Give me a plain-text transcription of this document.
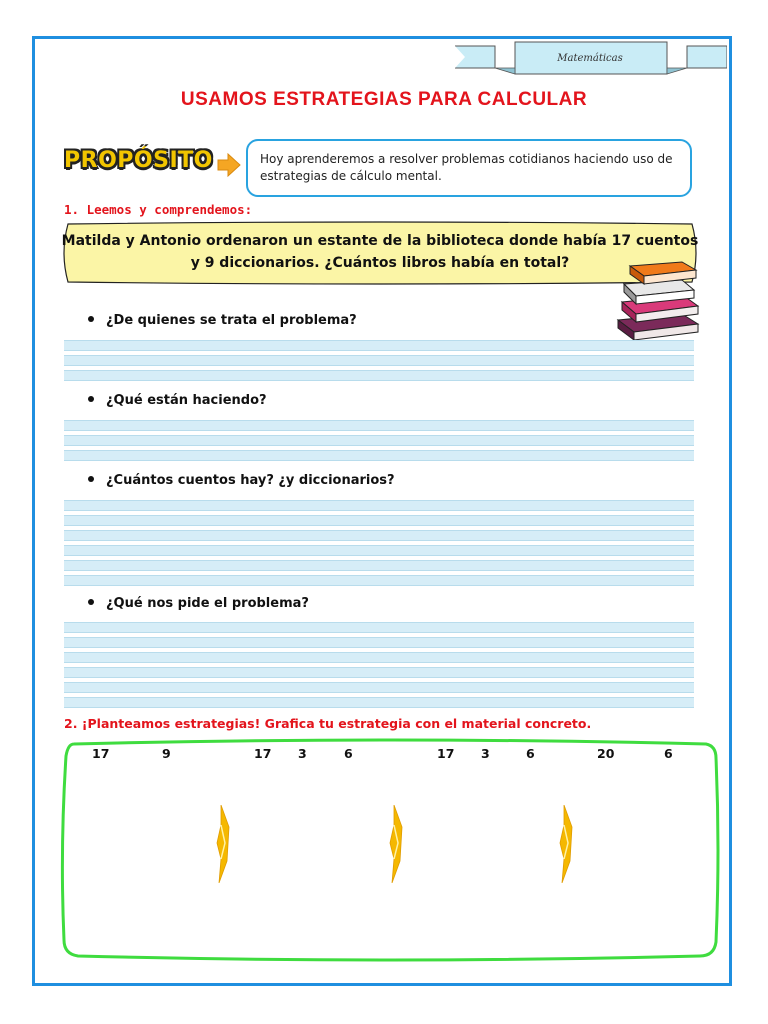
Matemáticas
USAMOS ESTRATEGIAS PARA CALCULAR
PROPÓSITO	Hoy aprenderemos a resolver problemas cotidianos haciendo uso de estrategias de cálculo mental.
1. Leemos y comprendemos:
Matilda y Antonio ordenaron un estante de la biblioteca donde había 17 cuentos y 9 diccionarios. ¿Cuántos libros había en total?
¿De quienes se trata el problema?
¿Qué están haciendo?
¿Cuántos cuentos hay? ¿y diccionarios?
¿Qué nos pide el problema?
2. ¡Planteamos estrategias! Grafica tu estrategia con el material concreto.
17	9	17 3	6	17 3	6	20	6
